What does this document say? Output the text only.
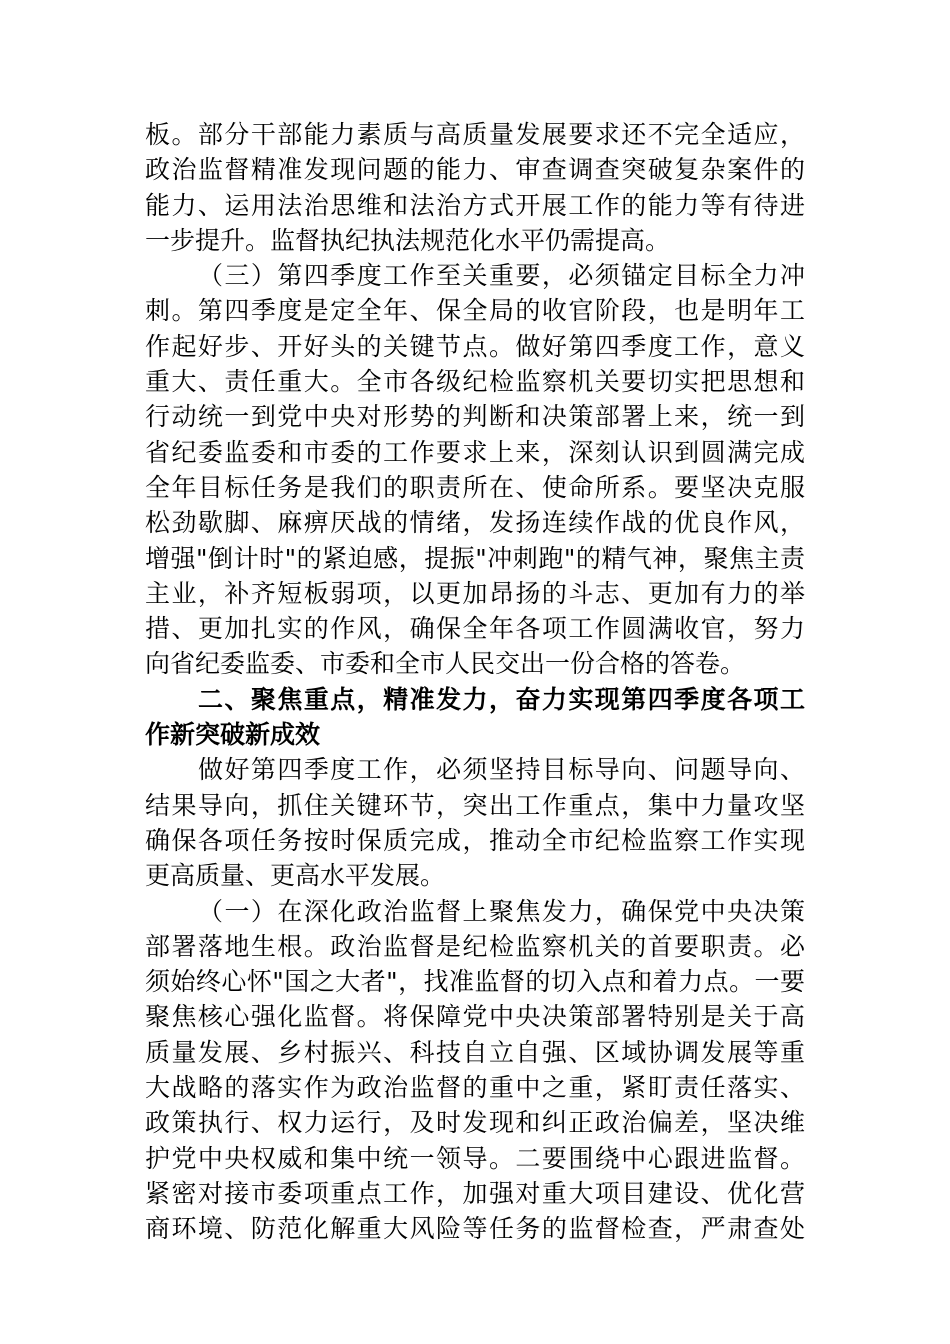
板。部分干部能力素质与高质量发展要求还不完全适应，
政治监督精准发现问题的能力、审查调查突破复杂案件的
能力、运用法治思维和法治方式开展工作的能力等有待进
一步提升。监督执纪执法规范化水平仍需提高。
（三）第四季度工作至关重要，必须锚定目标全力冲
刺。第四季度是定全年、保全局的收官阶段，也是明年工
作起好步、开好头的关键节点。做好第四季度工作，意义
重大、责任重大。全市各级纪检监察机关要切实把思想和
行动统一到党中央对形势的判断和决策部署上来，统一到
省纪委监委和市委的工作要求上来，深刻认识到圆满完成
全年目标任务是我们的职责所在、使命所系。要坚决克服
松劲歇脚、麻痹厌战的情绪，发扬连续作战的优良作风，
增强"倒计时"的紧迫感，提振"冲刺跑"的精气神，聚焦主责
主业，补齐短板弱项，以更加昂扬的斗志、更加有力的举
措、更加扎实的作风，确保全年各项工作圆满收官，努力
向省纪委监委、市委和全市人民交出一份合格的答卷。
二、聚焦重点，精准发力，奋力实现第四季度各项工
作新突破新成效
做好第四季度工作，必须坚持目标导向、问题导向、
结果导向，抓住关键环节，突出工作重点，集中力量攻坚
确保各项任务按时保质完成，推动全市纪检监察工作实现
更高质量、更高水平发展。
（一）在深化政治监督上聚焦发力，确保党中央决策
部署落地生根。政治监督是纪检监察机关的首要职责。必
须始终心怀"国之大者"，找准监督的切入点和着力点。一要
聚焦核心强化监督。将保障党中央决策部署特别是关于高
质量发展、乡村振兴、科技自立自强、区域协调发展等重
大战略的落实作为政治监督的重中之重，紧盯责任落实、
政策执行、权力运行，及时发现和纠正政治偏差，坚决维
护党中央权威和集中统一领导。二要围绕中心跟进监督。
紧密对接市委项重点工作，加强对重大项目建设、优化营
商环境、防范化解重大风险等任务的监督检查，严肃查处
